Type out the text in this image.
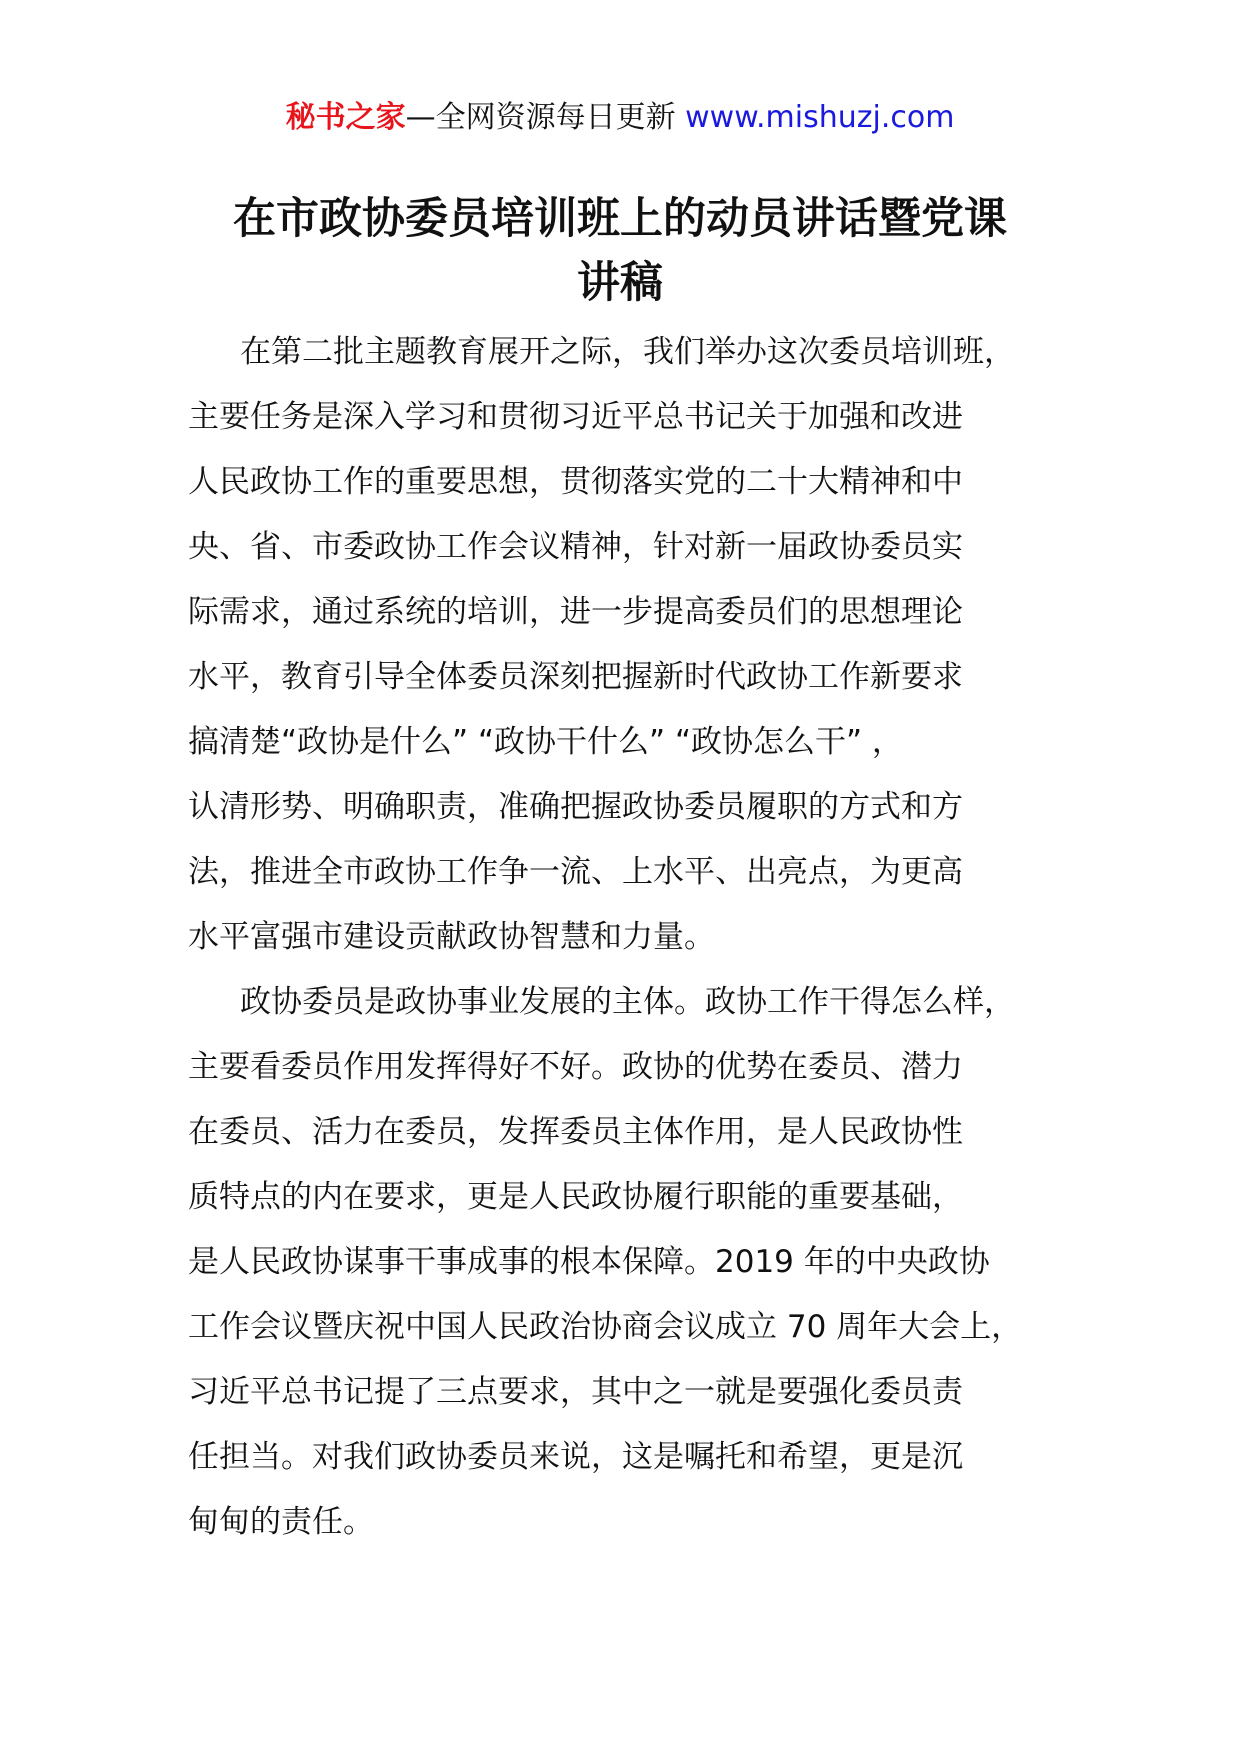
秘书之家—全网资源每日更新 www.mishuzj.com
在市政协委员培训班上的动员讲话暨党课
讲稿

在第二批主题教育展开之际，我们举办这次委员培训班，
主要任务是深入学习和贯彻习近平总书记关于加强和改进
人民政协工作的重要思想，贯彻落实党的二十大精神和中
央、省、市委政协工作会议精神，针对新一届政协委员实
际需求，通过系统的培训，进一步提高委员们的思想理论
水平，教育引导全体委员深刻把握新时代政协工作新要求
搞清楚“政协是什么” “政协干什么” “政协怎么干” ，
认清形势、明确职责，准确把握政协委员履职的方式和方
法，推进全市政协工作争一流、上水平、出亮点，为更高
水平富强市建设贡献政协智慧和力量。

政协委员是政协事业发展的主体。政协工作干得怎么样，
主要看委员作用发挥得好不好。政协的优势在委员、潜力
在委员、活力在委员，发挥委员主体作用，是人民政协性
质特点的内在要求，更是人民政协履行职能的重要基础，
是人民政协谋事干事成事的根本保障。2019 年的中央政协
工作会议暨庆祝中国人民政治协商会议成立 70 周年大会上，
习近平总书记提了三点要求，其中之一就是要强化委员责
任担当。对我们政协委员来说，这是嘱托和希望，更是沉
甸甸的责任。
